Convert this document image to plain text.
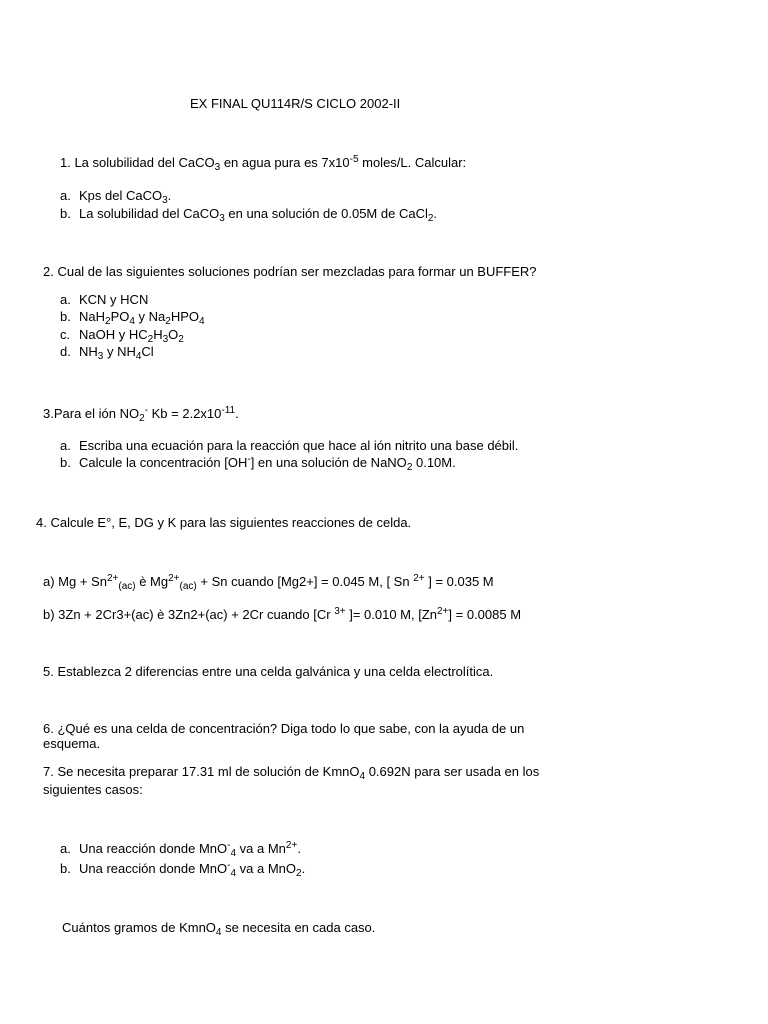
EX FINAL QU114R/S CICLO 2002-II
1. La solubilidad del CaCO$_3$ en agua pura es $7x10^{-5}$ moles/L. Calcular:
a. Kps del CaCO$_3$.
b. La solubilidad del CaCO$_3$ en una solución de 0.05M de CaCl$_2$.
2. Cual de las siguientes soluciones podrían ser mezcladas para formar un BUFFER?
a. KCN y HCN
b. $NaH_2PO_4$ y $Na_2HPO_4$
c. NaOH y $HC_2H_3O_2$
d. $NH_3$ y $NH_4Cl$
3.Para el ión $NO_2^-$ $Kb = 2.2x10^{-11}$.
a. Escriba una ecuación para la reacción que hace al ión nitrito una base débil.
b. Calcule la concentración [OH-] en una solución de NaNO$_2$ 0.10M.
4. Calcule E°, E, DG y K para las siguientes reacciones de celda.
a) $Mg + Sn^{2+}_{(ac)}$ è $Mg^{2+}_{(ac)} + Sn$ cuando [Mg2+] = 0.045 M, [ Sn $^{2+}$ ] = 0.035 M
b) 3Zn + 2Cr3+(ac) è 3Zn2+(ac) + 2Cr cuando [Cr $^{3+}$ ]= 0.010 M, $[Zn^{2+}] = 0.0085$ M
5. Establezca 2 diferencias entre una celda galvánica y una celda electrolítica.
6. ¿Qué es una celda de concentración? Diga todo lo que sabe, con la ayuda de un
esquema.
7. Se necesita preparar 17.31 ml de solución de KmnO$_4$ 0.692N para ser usada en los
siguientes casos:
a. Una reacción donde MnO-$_4$ va a $Mn^{2+}$.
b. Una reacción donde MnO-$_4$ va a MnO$_2$.
Cuántos gramos de KmnO$_4$ se necesita en cada caso.
